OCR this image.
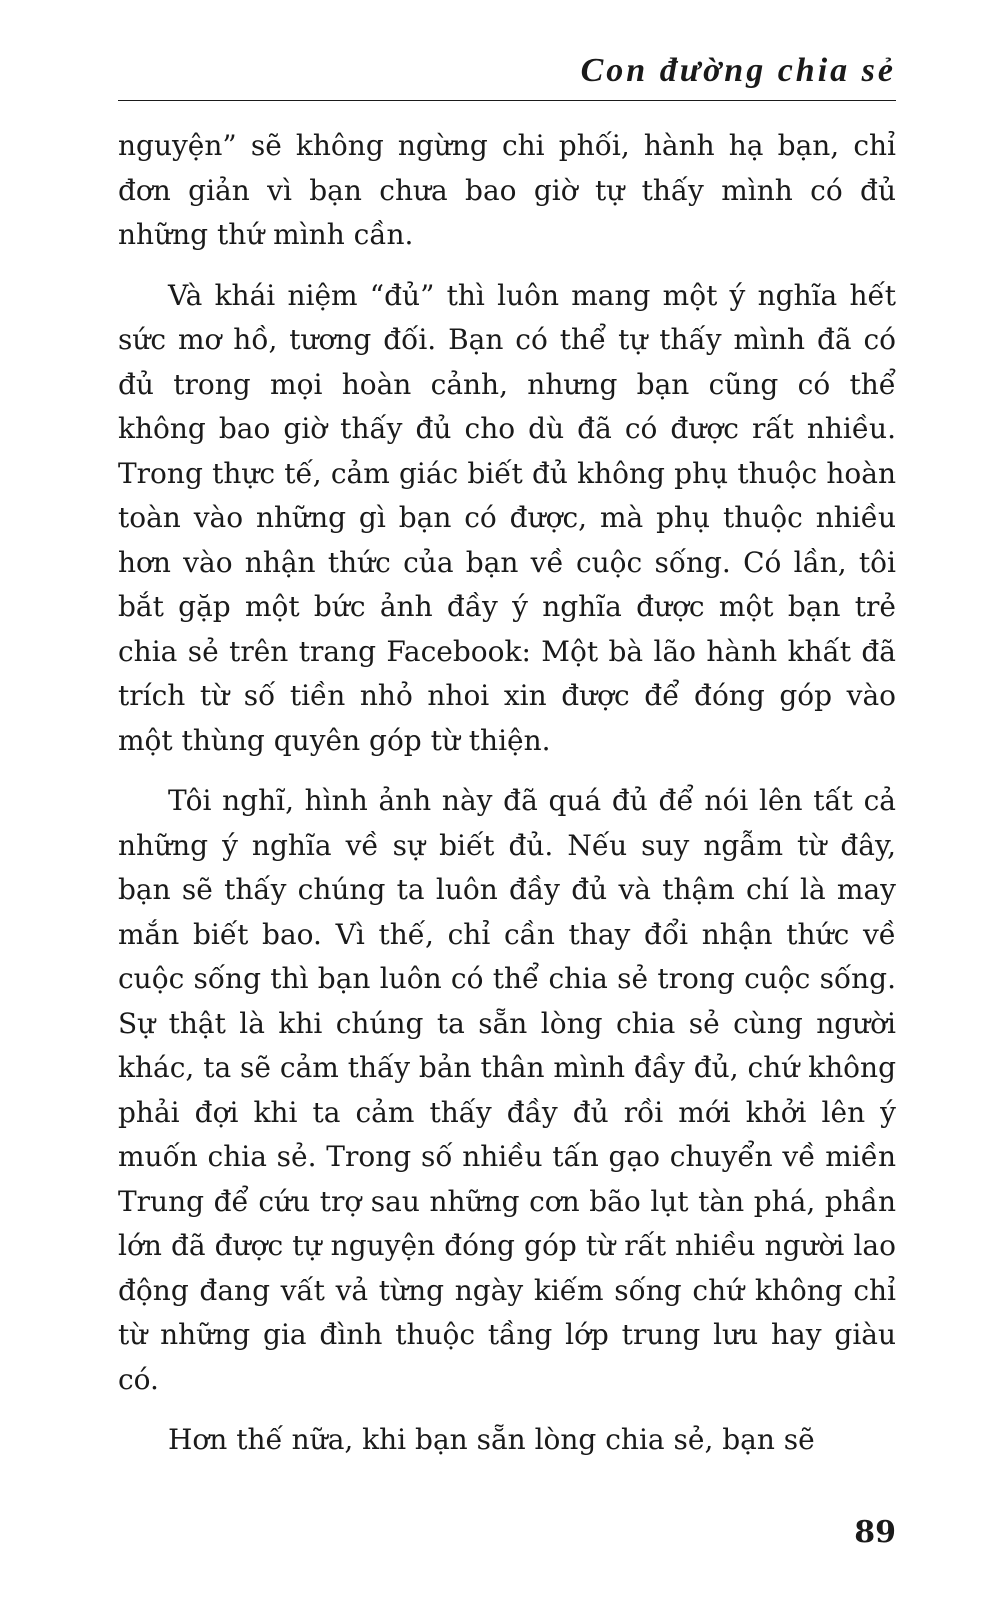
Con đường chia sẻ

nguyện” sẽ không ngừng chi phối, hành hạ bạn, chỉ đơn giản vì bạn chưa bao giờ tự thấy mình có đủ những thứ mình cần.

Và khái niệm “đủ” thì luôn mang một ý nghĩa hết sức mơ hồ, tương đối. Bạn có thể tự thấy mình đã có đủ trong mọi hoàn cảnh, nhưng bạn cũng có thể không bao giờ thấy đủ cho dù đã có được rất nhiều. Trong thực tế, cảm giác biết đủ không phụ thuộc hoàn toàn vào những gì bạn có được, mà phụ thuộc nhiều hơn vào nhận thức của bạn về cuộc sống. Có lần, tôi bắt gặp một bức ảnh đầy ý nghĩa được một bạn trẻ chia sẻ trên trang Facebook: Một bà lão hành khất đã trích từ số tiền nhỏ nhoi xin được để đóng góp vào một thùng quyên góp từ thiện.

Tôi nghĩ, hình ảnh này đã quá đủ để nói lên tất cả những ý nghĩa về sự biết đủ. Nếu suy ngẫm từ đây, bạn sẽ thấy chúng ta luôn đầy đủ và thậm chí là may mắn biết bao. Vì thế, chỉ cần thay đổi nhận thức về cuộc sống thì bạn luôn có thể chia sẻ trong cuộc sống. Sự thật là khi chúng ta sẵn lòng chia sẻ cùng người khác, ta sẽ cảm thấy bản thân mình đầy đủ, chứ không phải đợi khi ta cảm thấy đầy đủ rồi mới khởi lên ý muốn chia sẻ. Trong số nhiều tấn gạo chuyển về miền Trung để cứu trợ sau những cơn bão lụt tàn phá, phần lớn đã được tự nguyện đóng góp từ rất nhiều người lao động đang vất vả từng ngày kiếm sống chứ không chỉ từ những gia đình thuộc tầng lớp trung lưu hay giàu có.

Hơn thế nữa, khi bạn sẵn lòng chia sẻ, bạn sẽ

89
